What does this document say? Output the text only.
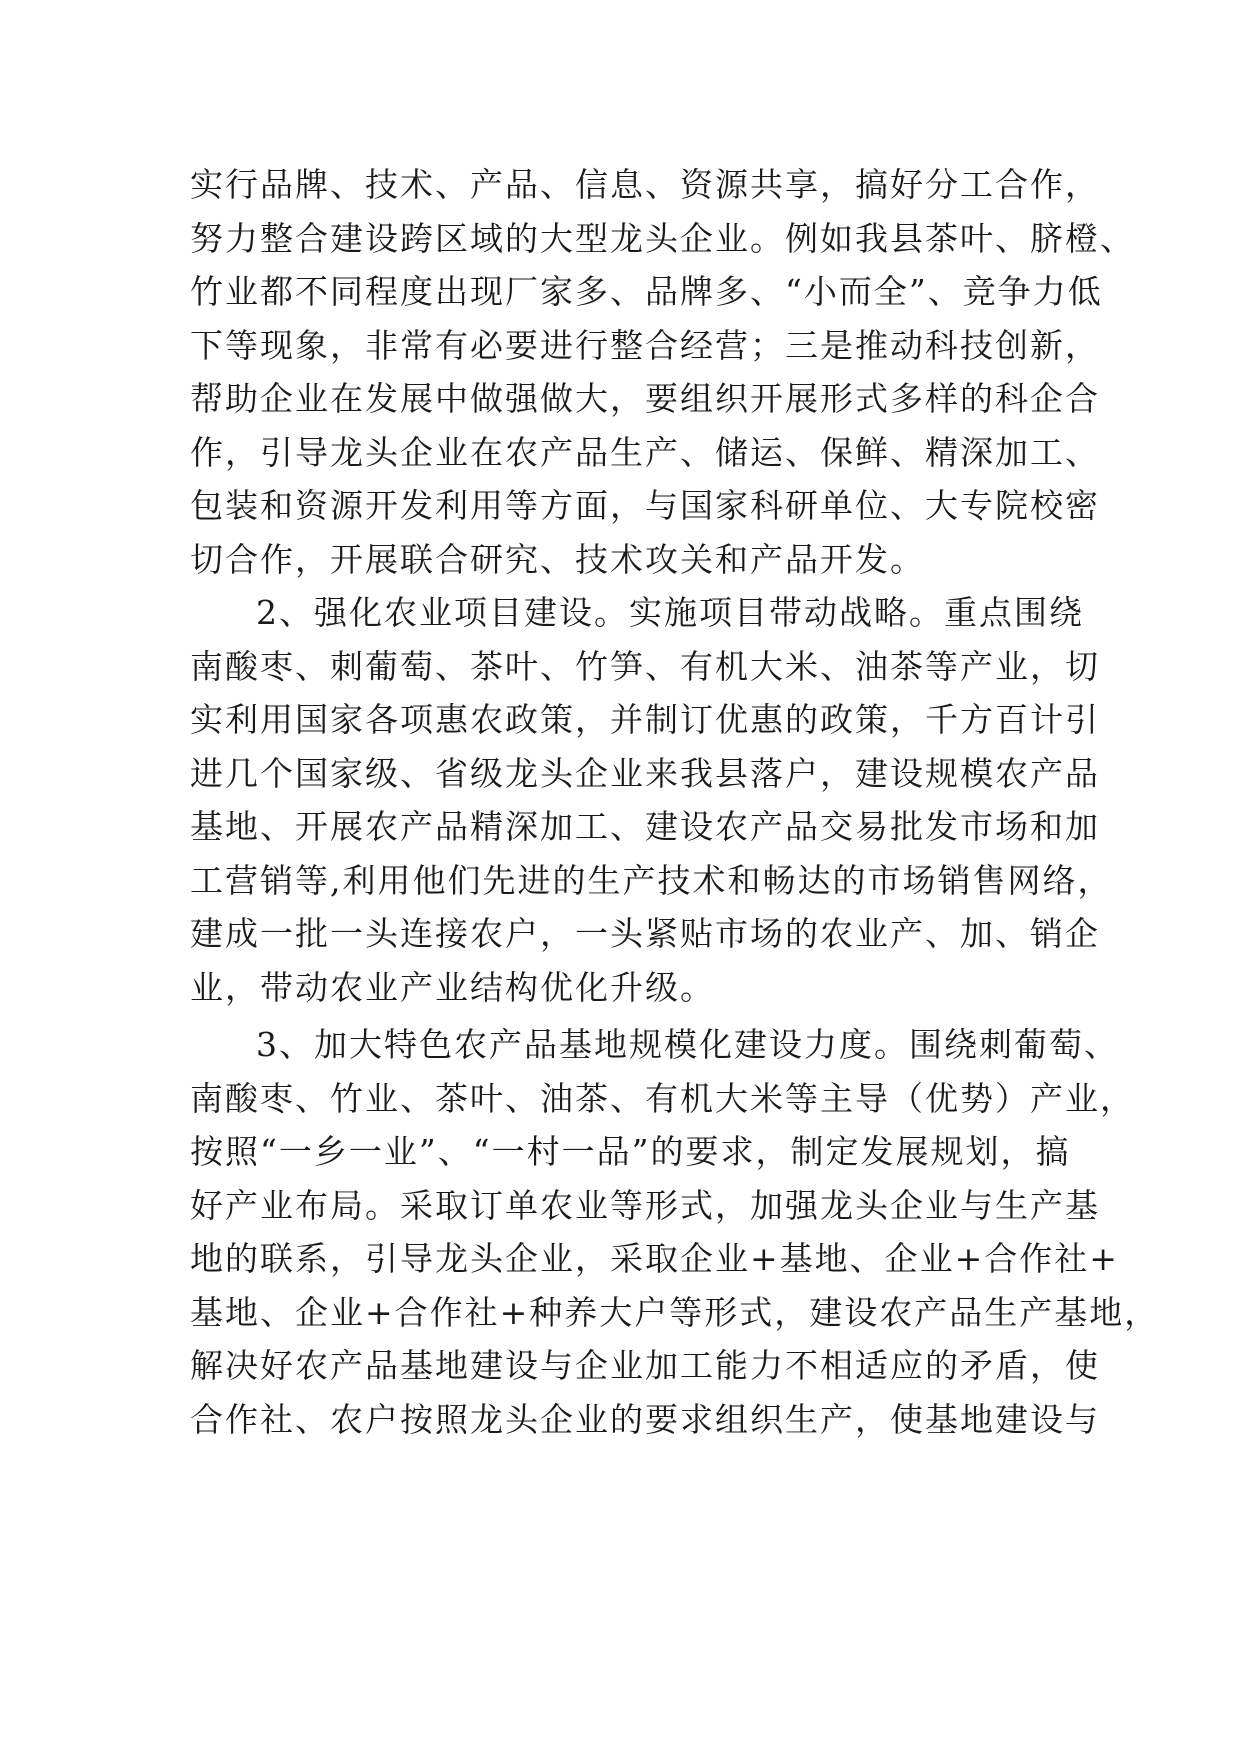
实行品牌、技术、产品、信息、资源共享，搞好分工合作，
努力整合建设跨区域的大型龙头企业。例如我县茶叶、脐橙、
竹业都不同程度出现厂家多、品牌多、“小而全”、竞争力低
下等现象，非常有必要进行整合经营；三是推动科技创新，
帮助企业在发展中做强做大，要组织开展形式多样的科企合
作，引导龙头企业在农产品生产、储运、保鲜、精深加工、
包装和资源开发利用等方面，与国家科研单位、大专院校密
切合作，开展联合研究、技术攻关和产品开发。
2、强化农业项目建设。实施项目带动战略。重点围绕
南酸枣、刺葡萄、茶叶、竹笋、有机大米、油茶等产业，切
实利用国家各项惠农政策，并制订优惠的政策，千方百计引
进几个国家级、省级龙头企业来我县落户，建设规模农产品
基地、开展农产品精深加工、建设农产品交易批发市场和加
工营销等,利用他们先进的生产技术和畅达的市场销售网络，
建成一批一头连接农户，一头紧贴市场的农业产、加、销企
业，带动农业产业结构优化升级。
3、加大特色农产品基地规模化建设力度。围绕刺葡萄、
南酸枣、竹业、茶叶、油茶、有机大米等主导（优势）产业，
按照“一乡一业”、“一村一品”的要求，制定发展规划，搞
好产业布局。采取订单农业等形式，加强龙头企业与生产基
地的联系，引导龙头企业，采取企业+基地、企业+合作社+
基地、企业+合作社+种养大户等形式，建设农产品生产基地，
解决好农产品基地建设与企业加工能力不相适应的矛盾，使
合作社、农户按照龙头企业的要求组织生产，使基地建设与
